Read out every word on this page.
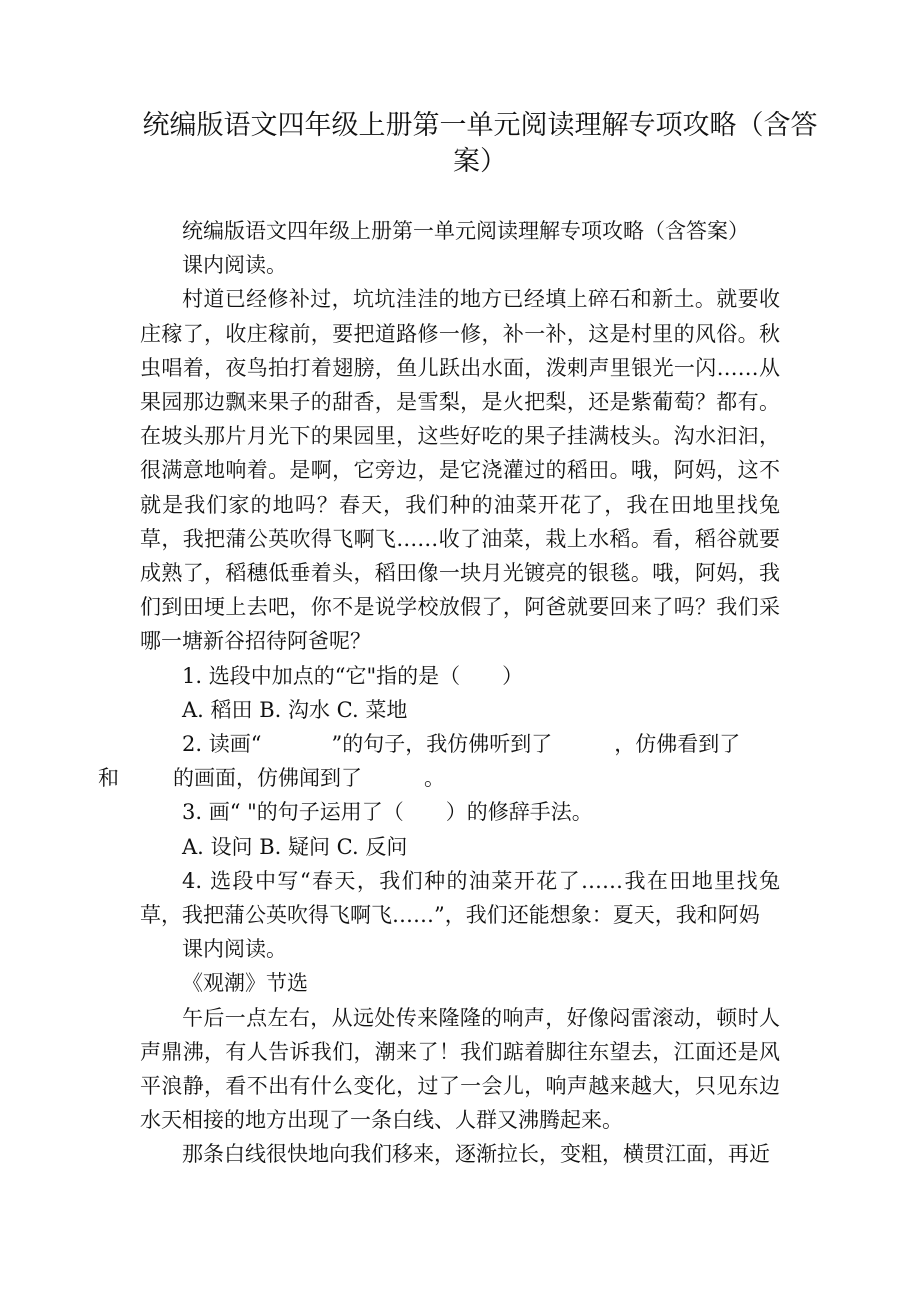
统编版语文四年级上册第一单元阅读理解专项攻略（含答案）

统编版语文四年级上册第一单元阅读理解专项攻略（含答案）

课内阅读。

村道已经修补过，坑坑洼洼的地方已经填上碎石和新土。就要收庄稼了，收庄稼前，要把道路修一修，补一补，这是村里的风俗。秋虫唱着，夜鸟拍打着翅膀，鱼儿跃出水面，泼剌声里银光一闪……从果园那边飘来果子的甜香，是雪梨，是火把梨，还是紫葡萄？都有。在坡头那片月光下的果园里，这些好吃的果子挂满枝头。沟水汩汩，很满意地响着。是啊，它旁边，是它浇灌过的稻田。哦，阿妈，这不就是我们家的地吗？春天，我们种的油菜开花了，我在田地里找兔草，我把蒲公英吹得飞啊飞……收了油菜，栽上水稻。看，稻谷就要成熟了，稻穗低垂着头，稻田像一块月光镀亮的银毯。哦，阿妈，我们到田埂上去吧，你不是说学校放假了，阿爸就要回来了吗？我们采哪一塘新谷招待阿爸呢？

1. 选段中加点的“它"指的是（　　）

A. 稻田 B. 沟水 C. 菜地

2. 读画“	”的句子，我仿佛听到了	，仿佛看到了
和	的画面，仿佛闻到了	。

3. 画“ "的句子运用了（　　）的修辞手法。

A. 设问 B. 疑问 C. 反问

4. 选段中写“春天，我们种的油菜开花了……我在田地里找兔草，我把蒲公英吹得飞啊飞……”，我们还能想象：夏天，我和阿妈

课内阅读。

《观潮》节选

午后一点左右，从远处传来隆隆的响声，好像闷雷滚动，顿时人声鼎沸，有人告诉我们，潮来了！我们踮着脚往东望去，江面还是风平浪静，看不出有什么变化，过了一会儿，响声越来越大，只见东边水天相接的地方出现了一条白线、人群又沸腾起来。

那条白线很快地向我们移来，逐渐拉长，变粗，横贯江面，再近
